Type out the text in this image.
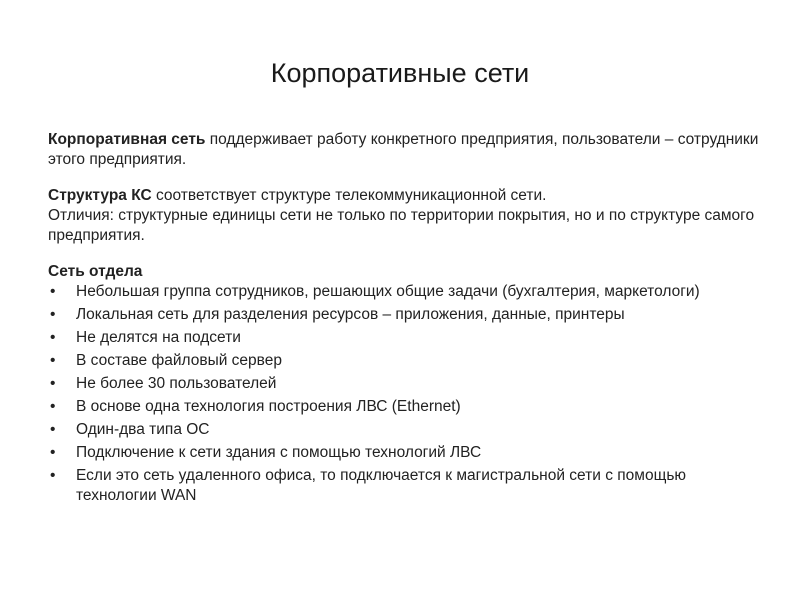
Корпоративные сети

Корпоративная сеть поддерживает работу конкретного предприятия, пользователи – сотрудники этого предприятия.

Структура КС соответствует структуре телекоммуникационной сети.

Отличия: структурные единицы сети не только по территории покрытия, но и по структуре самого предприятия.

Сеть отдела

• Небольшая группа сотрудников, решающих общие задачи (бухгалтерия, маркетологи)
• Локальная сеть для разделения ресурсов – приложения, данные, принтеры
• Не делятся на подсети
• В составе файловый сервер
• Не более 30 пользователей
• В основе одна технология построения ЛВС (Ethernet)
• Один-два типа ОС
• Подключение к сети здания с помощью технологий ЛВС
• Если это сеть удаленного офиса, то подключается к магистральной сети с помощью технологии WAN
